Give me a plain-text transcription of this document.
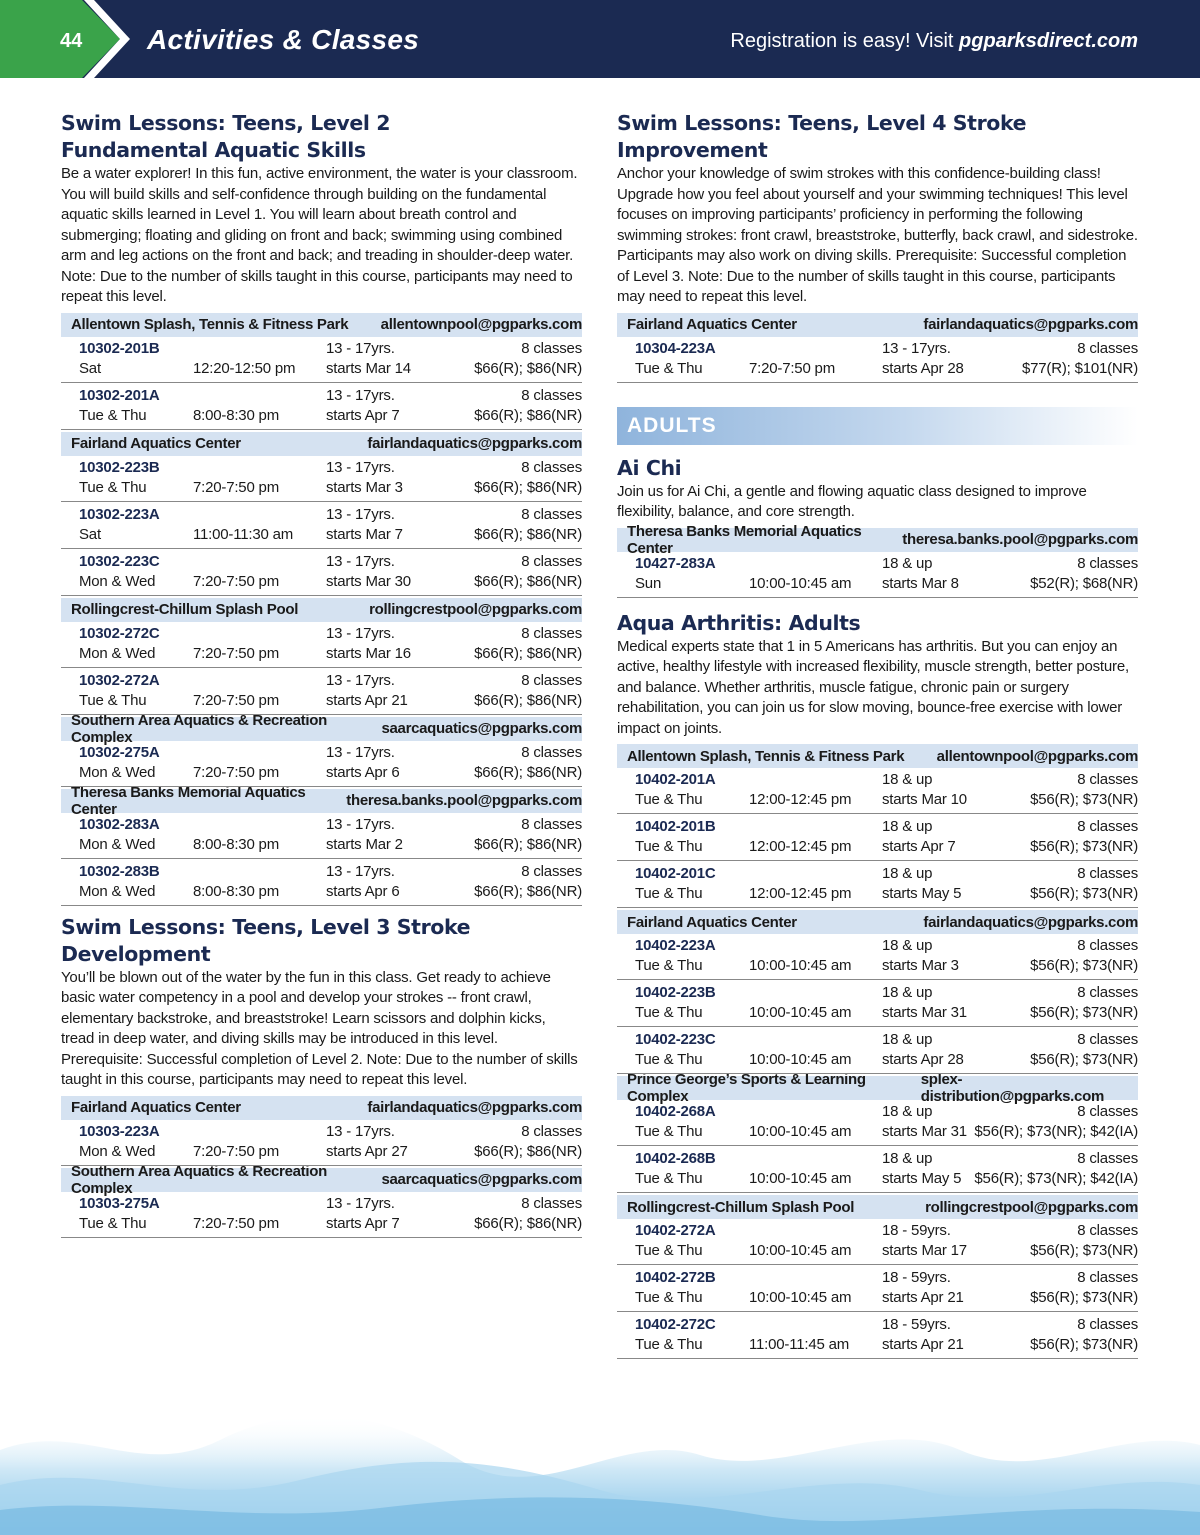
44 Activities & Classes	Registration is easy! Visit pgparksdirect.com
Swim Lessons: Teens, Level 2
Fundamental Aquatic Skills

Be a water explorer! In this fun, active environment, the water is your classroom. You will build skills and self-confidence through building on the fundamental aquatic skills learned in Level 1. You will learn about breath control and submerging; floating and gliding on front and back; swimming using combined arm and leg actions on the front and back; and treading in shoulder-deep water. Note: Due to the number of skills taught in this course, participants may need to repeat this level.

Allentown Splash, Tennis & Fitness Park allentownpool@pgparks.com
10302-201B
Sat	12:20-12:50 pm
13 - 17yrs.
starts Mar 14
8 classes
$66(R); $86(NR)
10302-201A
Tue & Thu	8:00-8:30 pm
13 - 17yrs.
starts Apr 7
8 classes
$66(R); $86(NR)
Fairland Aquatics Center	fairlandaquatics@pgparks.com
10302-223B
Tue & Thu	7:20-7:50 pm
13 - 17yrs.
starts Mar 3
8 classes
$66(R); $86(NR)
10302-223A
Sat	11:00-11:30 am
13 - 17yrs.
starts Mar 7
8 classes
$66(R); $86(NR)
10302-223C
Mon & Wed	7:20-7:50 pm
13 - 17yrs.
starts Mar 30
8 classes
$66(R); $86(NR)
Rollingcrest-Chillum Splash Pool	rollingcrestpool@pgparks.com
10302-272C
Mon & Wed	7:20-7:50 pm
13 - 17yrs.
starts Mar 16
8 classes
$66(R); $86(NR)
10302-272A
Tue & Thu	7:20-7:50 pm
13 - 17yrs.
starts Apr 21
8 classes
$66(R); $86(NR)
Southern Area Aquatics & Recreation Complex	saarcaquatics@pgparks.com
10302-275A
Mon & Wed	7:20-7:50 pm
13 - 17yrs.
starts Apr 6
8 classes
$66(R); $86(NR)
Theresa Banks Memorial Aquatics Center	theresa.banks.pool@pgparks.com
10302-283A
Mon & Wed	8:00-8:30 pm
13 - 17yrs.
starts Mar 2
8 classes
$66(R); $86(NR)
10302-283B
Mon & Wed	8:00-8:30 pm
13 - 17yrs.
starts Apr 6
8 classes
$66(R); $86(NR)
Swim Lessons: Teens, Level 3 Stroke Development

You’ll be blown out of the water by the fun in this class. Get ready to achieve basic water competency in a pool and develop your strokes -- front crawl, elementary backstroke, and breaststroke! Learn scissors and dolphin kicks, tread in deep water, and diving skills may be introduced in this level. Prerequisite: Successful completion of Level 2. Note: Due to the number of skills taught in this course, participants may need to repeat this level.

Fairland Aquatics Center	fairlandaquatics@pgparks.com
10303-223A
Mon & Wed	7:20-7:50 pm
13 - 17yrs.
starts Apr 27
8 classes
$66(R); $86(NR)
Southern Area Aquatics & Recreation Complex	saarcaquatics@pgparks.com
10303-275A
Tue & Thu	7:20-7:50 pm
13 - 17yrs.
starts Apr 7
8 classes
$66(R); $86(NR)
Swim Lessons: Teens, Level 4 Stroke Improvement

Anchor your knowledge of swim strokes with this confidence-building class! Upgrade how you feel about yourself and your swimming techniques! This level focuses on improving participants’ proficiency in performing the following swimming strokes: front crawl, breaststroke, butterfly, back crawl, and sidestroke. Participants may also work on diving skills. Prerequisite: Successful completion of Level 3. Note: Due to the number of skills taught in this course, participants may need to repeat this level.

Fairland Aquatics Center	fairlandaquatics@pgparks.com
10304-223A
Tue & Thu	7:20-7:50 pm
13 - 17yrs.
starts Apr 28
8 classes
$77(R); $101(NR)
ADULTS
Ai Chi

Join us for Ai Chi, a gentle and flowing aquatic class designed to improve flexibility, balance, and core strength.

Theresa Banks Memorial Aquatics Center	theresa.banks.pool@pgparks.com
10427-283A
Sun	10:00-10:45 am
18 & up
starts Mar 8
8 classes
$52(R); $68(NR)
Aqua Arthritis: Adults

Medical experts state that 1 in 5 Americans has arthritis. But you can enjoy an active, healthy lifestyle with increased flexibility, muscle strength, better posture, and balance. Whether arthritis, muscle fatigue, chronic pain or surgery rehabilitation, you can join us for slow moving, bounce-free exercise with lower impact on joints.

Allentown Splash, Tennis & Fitness Park allentownpool@pgparks.com
10402-201A
Tue & Thu	12:00-12:45 pm
18 & up
starts Mar 10
8 classes
$56(R); $73(NR)
10402-201B
Tue & Thu	12:00-12:45 pm
18 & up
starts Apr 7
8 classes
$56(R); $73(NR)
10402-201C
Tue & Thu	12:00-12:45 pm
18 & up
starts May 5
8 classes
$56(R); $73(NR)
Fairland Aquatics Center	fairlandaquatics@pgparks.com
10402-223A
Tue & Thu	10:00-10:45 am
18 & up
starts Mar 3
8 classes
$56(R); $73(NR)
10402-223B
Tue & Thu	10:00-10:45 am
18 & up
starts Mar 31
8 classes
$56(R); $73(NR)
10402-223C
Tue & Thu	10:00-10:45 am
18 & up
starts Apr 28
8 classes
$56(R); $73(NR)
Prince George’s Sports & Learning Complex
splex-distribution@pgparks.com
10402-268A
Tue & Thu	10:00-10:45 am
18 & up
starts Mar 31
8 classes
$56(R); $73(NR); $42(IA)
10402-268B
Tue & Thu	10:00-10:45 am
18 & up
starts May 5
8 classes
$56(R); $73(NR); $42(IA)
Rollingcrest-Chillum Splash Pool	rollingcrestpool@pgparks.com
10402-272A
Tue & Thu	10:00-10:45 am
18 - 59yrs.
starts Mar 17
8 classes
$56(R); $73(NR)
10402-272B
Tue & Thu	10:00-10:45 am
18 - 59yrs.
starts Apr 21
8 classes
$56(R); $73(NR)
10402-272C
Tue & Thu	11:00-11:45 am
18 - 59yrs.
starts Apr 21
8 classes
$56(R); $73(NR)
